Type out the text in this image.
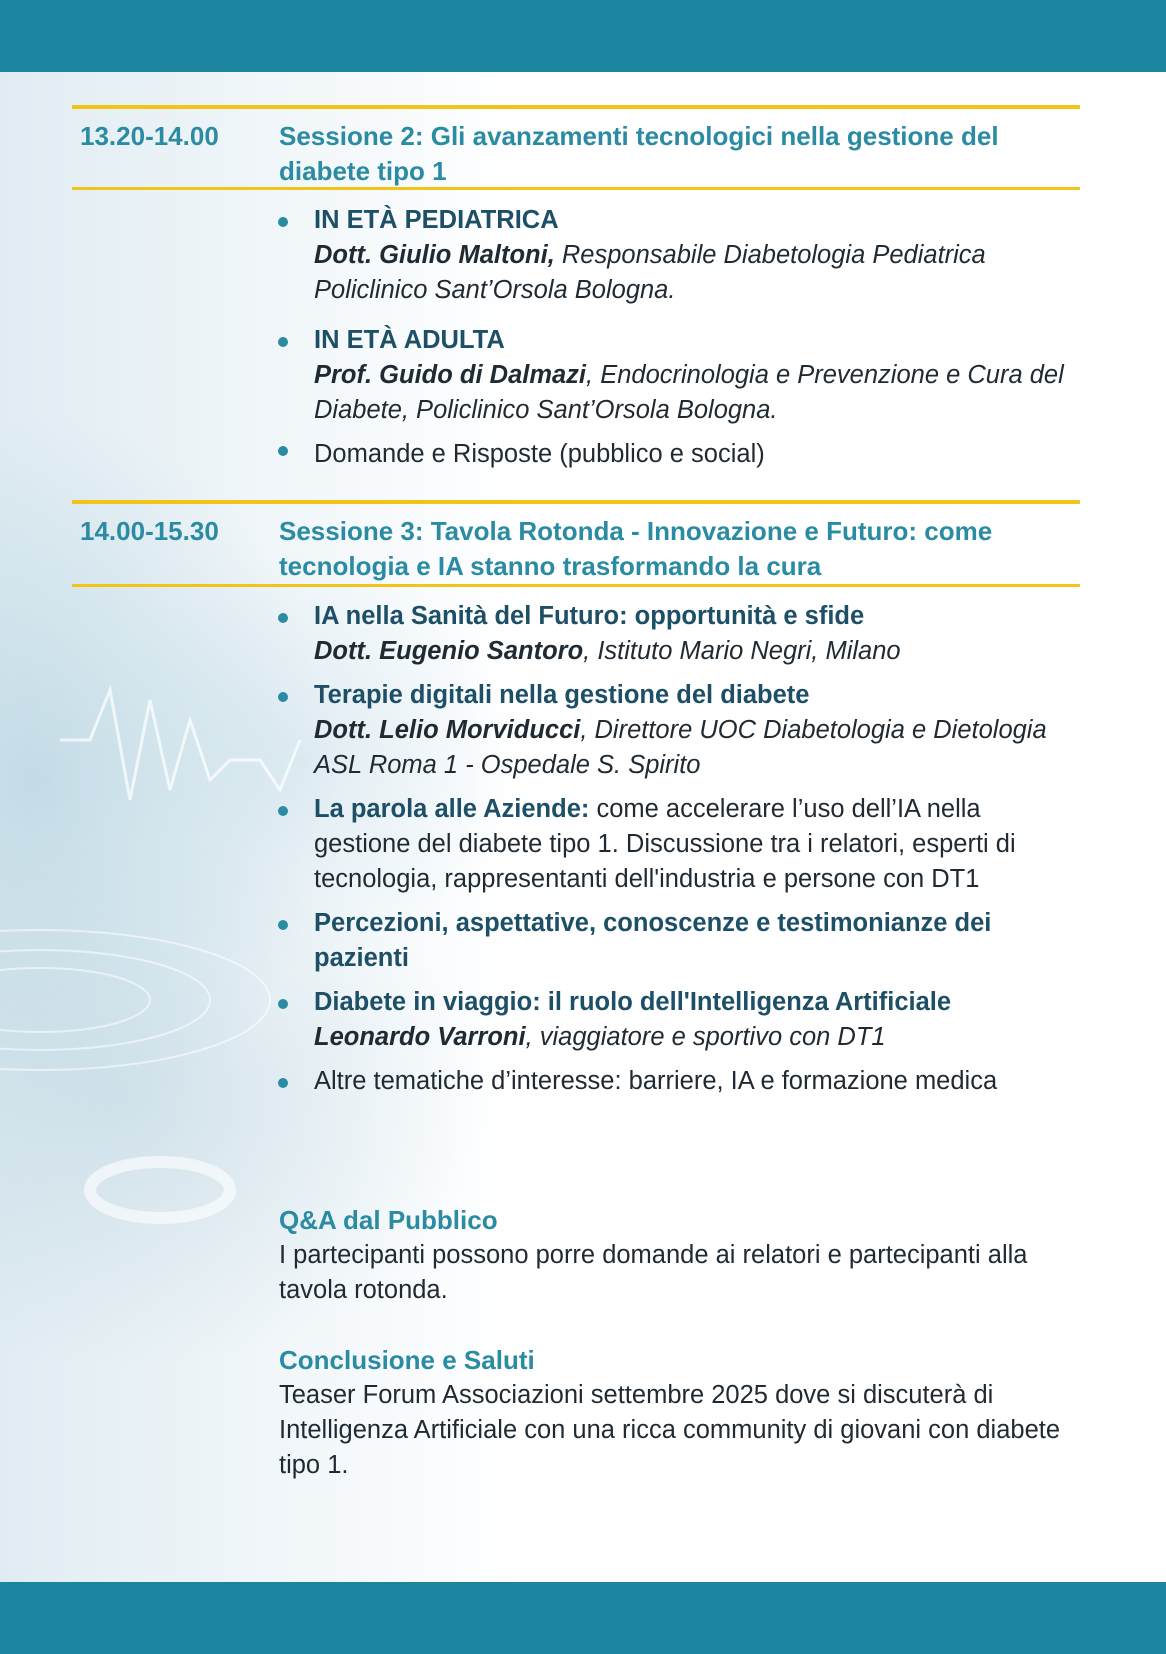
13.20-14.00 Sessione 2: Gli avanzamenti tecnologici nella gestione del diabete tipo 1
IN ETÀ PEDIATRICA
Dott. Giulio Maltoni, Responsabile Diabetologia Pediatrica Policlinico Sant’Orsola Bologna.
IN ETÀ ADULTA
Prof. Guido di Dalmazi, Endocrinologia e Prevenzione e Cura del Diabete, Policlinico Sant’Orsola Bologna.
Domande e Risposte (pubblico e social)
14.00-15.30 Sessione 3: Tavola Rotonda - Innovazione e Futuro: come tecnologia e IA stanno trasformando la cura
IA nella Sanità del Futuro: opportunità e sfide
Dott. Eugenio Santoro, Istituto Mario Negri, Milano
Terapie digitali nella gestione del diabete
Dott. Lelio Morviducci, Direttore UOC Diabetologia e Dietologia ASL Roma 1 - Ospedale S. Spirito
La parola alle Aziende: come accelerare l’uso dell’IA nella gestione del diabete tipo 1. Discussione tra i relatori, esperti di tecnologia, rappresentanti dell'industria e persone con DT1
Percezioni, aspettative, conoscenze e testimonianze dei pazienti
Diabete in viaggio: il ruolo dell'Intelligenza Artificiale
Leonardo Varroni, viaggiatore e sportivo con DT1
Altre tematiche d’interesse: barriere, IA e formazione medica
Q&A dal Pubblico
I partecipanti possono porre domande ai relatori e partecipanti alla tavola rotonda.
Conclusione e Saluti
Teaser Forum Associazioni settembre 2025 dove si discuterà di Intelligenza Artificiale con una ricca community di giovani con diabete tipo 1.
